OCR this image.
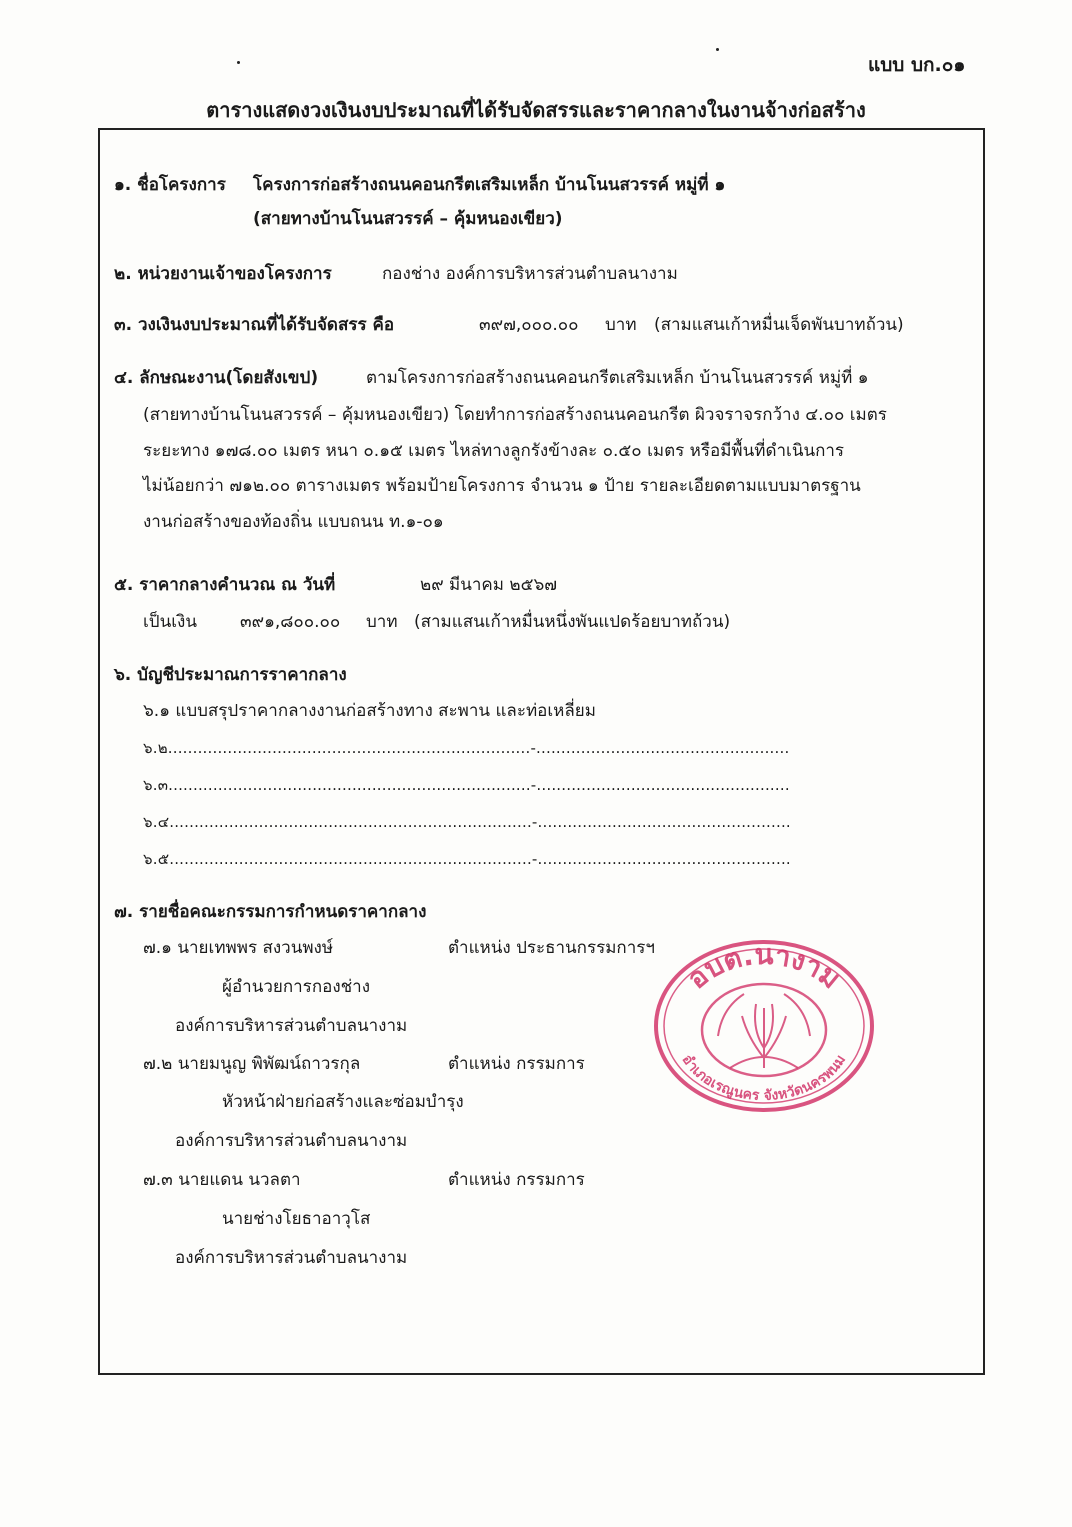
แบบ บก.๐๑
ตารางแสดงวงเงินงบประมาณที่ได้รับจัดสรรและราคากลางในงานจ้างก่อสร้าง
๑. ชื่อโครงการ โครงการก่อสร้างถนนคอนกรีตเสริมเหล็ก บ้านโนนสวรรค์ หมู่ที่ ๑
(สายทางบ้านโนนสวรรค์ – คุ้มหนองเขียว)
๒. หน่วยงานเจ้าของโครงการ	กองช่าง องค์การบริหารส่วนตำบลนางาม
๓. วงเงินงบประมาณที่ได้รับจัดสรร คือ	๓๙๗,๐๐๐.๐๐ บาท (สามแสนเก้าหมื่นเจ็ดพันบาทถ้วน)
๔. ลักษณะงาน(โดยสังเขป)	ตามโครงการก่อสร้างถนนคอนกรีตเสริมเหล็ก บ้านโนนสวรรค์ หมู่ที่ ๑
(สายทางบ้านโนนสวรรค์ – คุ้มหนองเขียว) โดยทำการก่อสร้างถนนคอนกรีต ผิวจราจรกว้าง ๔.๐๐ เมตร
ระยะทาง ๑๗๘.๐๐ เมตร หนา ๐.๑๕ เมตร ไหล่ทางลูกรังข้างละ ๐.๕๐ เมตร หรือมีพื้นที่ดำเนินการ
ไม่น้อยกว่า ๗๑๒.๐๐ ตารางเมตร พร้อมป้ายโครงการ จำนวน ๑ ป้าย รายละเอียดตามแบบมาตรฐาน
งานก่อสร้างของท้องถิ่น แบบถนน ท.๑-๐๑
๕. ราคากลางคำนวณ ณ วันที่	๒๙ มีนาคม ๒๕๖๗
เป็นเงิน	๓๙๑,๘๐๐.๐๐ บาท (สามแสนเก้าหมื่นหนึ่งพันแปดร้อยบาทถ้วน)
๖. บัญชีประมาณการราคากลาง
๖.๑ แบบสรุปราคากลางงานก่อสร้างทาง สะพาน และท่อเหลี่ยม
๖.๒.........................................................................-...................................................
๖.๓.........................................................................-...................................................
๖.๔.........................................................................-...................................................
๖.๕.........................................................................-...................................................
๗. รายชื่อคณะกรรมการกำหนดราคากลาง
๗.๑ นายเทพพร สงวนพงษ์	ตำแหน่ง ประธานกรรมการฯ
ผู้อำนวยการกองช่าง
องค์การบริหารส่วนตำบลนางาม
๗.๒ นายมนูญ พิพัฒน์ถาวรกุล	ตำแหน่ง กรรมการ
หัวหน้าฝ่ายก่อสร้างและซ่อมบำรุง
องค์การบริหารส่วนตำบลนางาม
๗.๓ นายแดน นวลตา	ตำแหน่ง กรรมการ
นายช่างโยธาอาวุโส
องค์การบริหารส่วนตำบลนางาม
อบต.นางาม
อำเภอเรณูนคร จังหวัดนครพนม
